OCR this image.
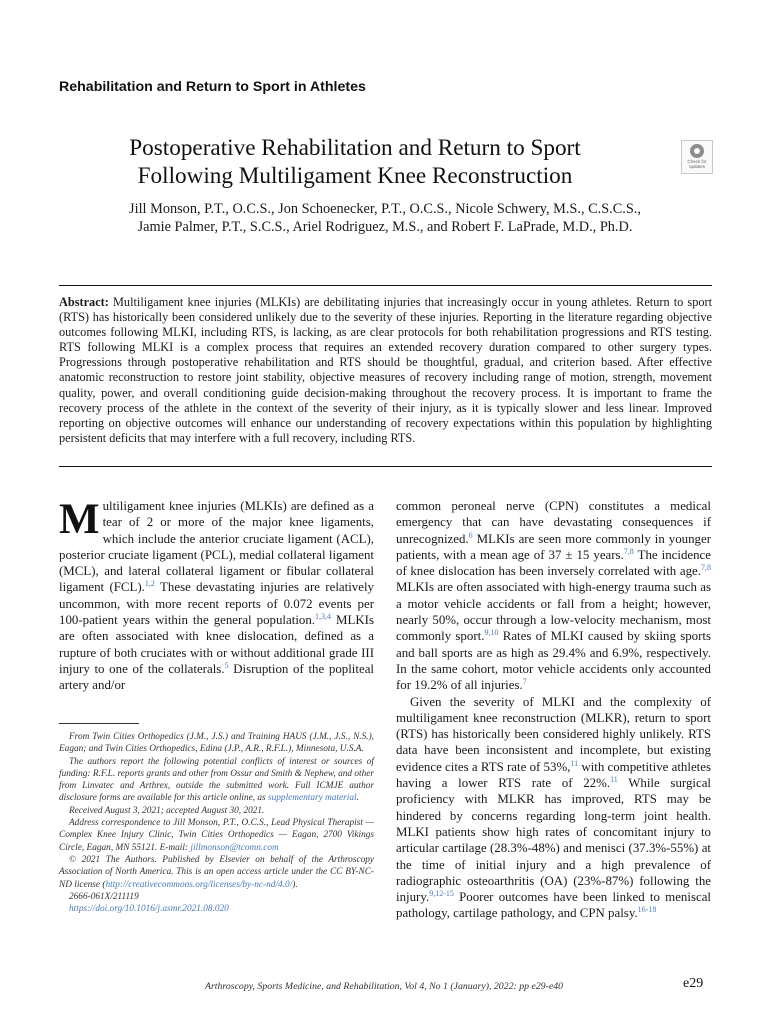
Rehabilitation and Return to Sport in Athletes
Postoperative Rehabilitation and Return to Sport
Following Multiligament Knee Reconstruction
Check for
updates
Jill Monson, P.T., O.C.S., Jon Schoenecker, P.T., O.C.S., Nicole Schwery, M.S., C.S.C.S.,
Jamie Palmer, P.T., S.C.S., Ariel Rodriguez, M.S., and Robert F. LaPrade, M.D., Ph.D.
Abstract: Multiligament knee injuries (MLKIs) are debilitating injuries that increasingly occur in young athletes. Return to sport (RTS) has historically been considered unlikely due to the severity of these injuries. Reporting in the literature regarding objective outcomes following MLKI, including RTS, is lacking, as are clear protocols for both rehabilitation progressions and RTS testing. RTS following MLKI is a complex process that requires an extended recovery duration compared to other surgery types. Progressions through postoperative rehabilitation and RTS should be thoughtful, gradual, and criterion based. After effective anatomic reconstruction to restore joint stability, objective measures of recovery including range of motion, strength, movement quality, power, and overall conditioning guide decision-making throughout the recovery process. It is important to frame the recovery process of the athlete in the context of the severity of their injury, as it is typically slower and less linear. Improved reporting on objective outcomes will enhance our understanding of recovery expectations within this population by highlighting persistent deficits that may interfere with a full recovery, including RTS.

Multiligament knee injuries (MLKIs) are defined as a tear of 2 or more of the major knee ligaments, which include the anterior cruciate ligament (ACL), posterior cruciate ligament (PCL), medial collateral ligament (MCL), and lateral collateral ligament or fibular collateral ligament (FCL).$^{1,2}$ These devastating injuries are relatively uncommon, with more recent reports of 0.072 events per 100-patient years within the general population.$^{1,3,4}$ MLKIs are often associated with knee dislocation, defined as a rupture of both cruciates with or without additional grade III injury to one of the collaterals.$^5$ Disruption of the popliteal artery and/or

From Twin Cities Orthopedics (J.M., J.S.) and Training HAUS (J.M., J.S., N.S.), Eagan; and Twin Cities Orthopedics, Edina (J.P., A.R., R.F.L.), Minnesota, U.S.A.

The authors report the following potential conflicts of interest or sources of funding: R.F.L. reports grants and other from Ossur and Smith & Nephew, and other from Linvatec and Arthrex, outside the submitted work. Full ICMJE author disclosure forms are available for this article online, as supplementary material.

Received August 3, 2021; accepted August 30, 2021.

Address correspondence to Jill Monson, P.T., O.C.S., Lead Physical Therapist — Complex Knee Injury Clinic, Twin Cities Orthopedics — Eagan, 2700 Vikings Circle, Eagan, MN 55121. E-mail: jillmonson@tcomn.com

© 2021 The Authors. Published by Elsevier on behalf of the Arthroscopy Association of North America. This is an open access article under the CC BY-NC-ND license (http://creativecommons.org/licenses/by-nc-nd/4.0/).

2666-061X/211119

https://doi.org/10.1016/j.asmr.2021.08.020

common peroneal nerve (CPN) constitutes a medical emergency that can have devastating consequences if unrecognized.$^6$ MLKIs are seen more commonly in younger patients, with a mean age of 37 ± 15 years.$^{7,8}$ The incidence of knee dislocation has been inversely correlated with age.$^{7,8}$ MLKIs are often associated with high-energy trauma such as a motor vehicle accidents or fall from a height; however, nearly 50%, occur through a low-velocity mechanism, most commonly sport.$^{9,10}$ Rates of MLKI caused by skiing sports and ball sports are as high as 29.4% and 6.9%, respectively. In the same cohort, motor vehicle accidents only accounted for 19.2% of all injuries.$^7$

Given the severity of MLKI and the complexity of multiligament knee reconstruction (MLKR), return to sport (RTS) has historically been considered highly unlikely. RTS data have been inconsistent and incomplete, but existing evidence cites a RTS rate of 53%,$^{11}$ with competitive athletes having a lower RTS rate of 22%.$^{11}$ While surgical proficiency with MLKR has improved, RTS may be hindered by concerns regarding long-term joint health. MLKI patients show high rates of concomitant injury to articular cartilage (28.3%-48%) and menisci (37.3%-55%) at the time of initial injury and a high prevalence of radiographic osteoarthritis (OA) (23%-87%) following the injury.$^{9,12-15}$ Poorer outcomes have been linked to meniscal pathology, cartilage pathology, and CPN palsy.$^{16-18}$

Arthroscopy, Sports Medicine, and Rehabilitation, Vol 4, No 1 (January), 2022: pp e29-e40	e29
